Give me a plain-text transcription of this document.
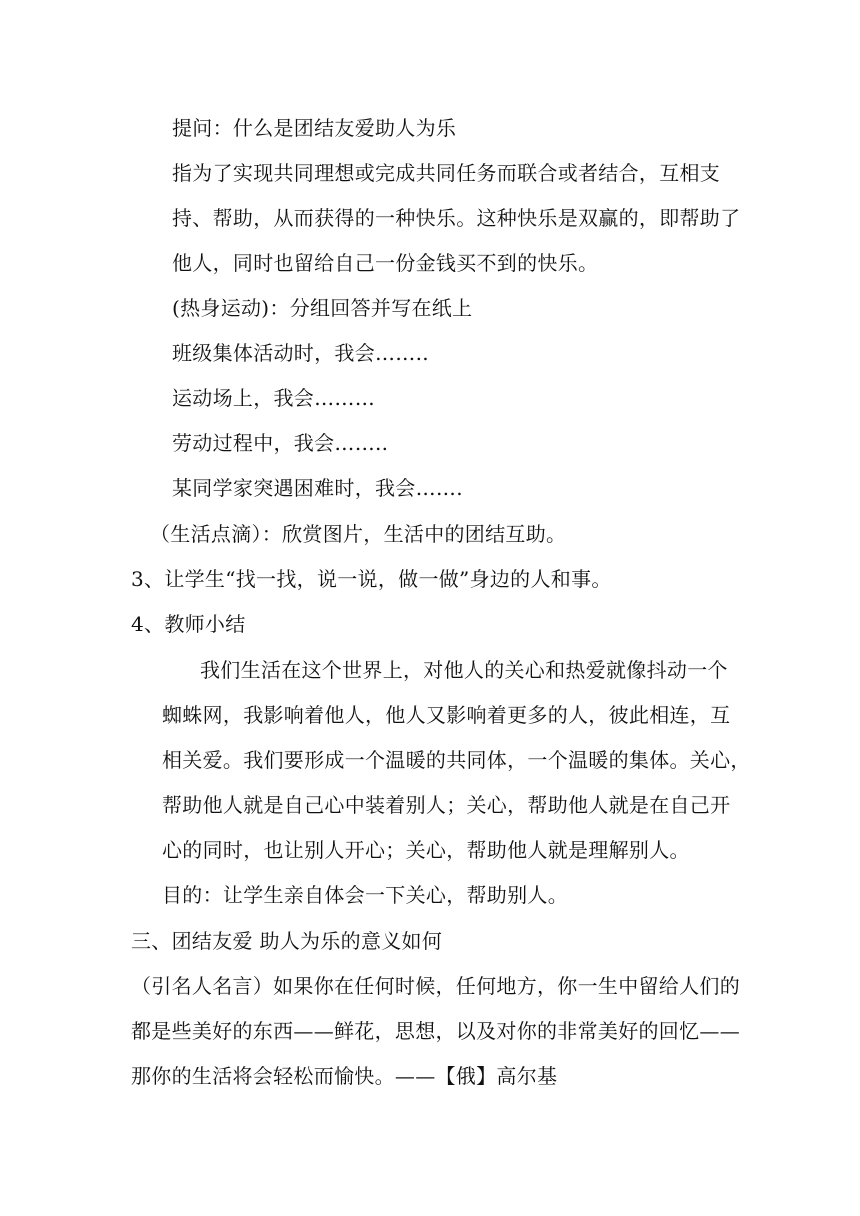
提问：什么是团结友爱助人为乐
指为了实现共同理想或完成共同任务而联合或者结合，互相支
持、帮助，从而获得的一种快乐。这种快乐是双赢的，即帮助了
他人，同时也留给自己一份金钱买不到的快乐。
(热身运动)：分组回答并写在纸上
班级集体活动时，我会……..
运动场上，我会………
劳动过程中，我会……..
某同学家突遇困难时，我会…….
（生活点滴）：欣赏图片，生活中的团结互助。
3、让学生“找一找，说一说，做一做”身边的人和事。
4、教师小结
我们生活在这个世界上，对他人的关心和热爱就像抖动一个
蜘蛛网，我影响着他人，他人又影响着更多的人，彼此相连，互
相关爱。我们要形成一个温暖的共同体，一个温暖的集体。关心，
帮助他人就是自己心中装着别人；关心，帮助他人就是在自己开
心的同时，也让别人开心；关心，帮助他人就是理解别人。
目的：让学生亲自体会一下关心，帮助别人。
三、团结友爱 助人为乐的意义如何
（引名人名言）如果你在任何时候，任何地方，你一生中留给人们的
都是些美好的东西——鲜花，思想，以及对你的非常美好的回忆——
那你的生活将会轻松而愉快。——【俄】高尔基
